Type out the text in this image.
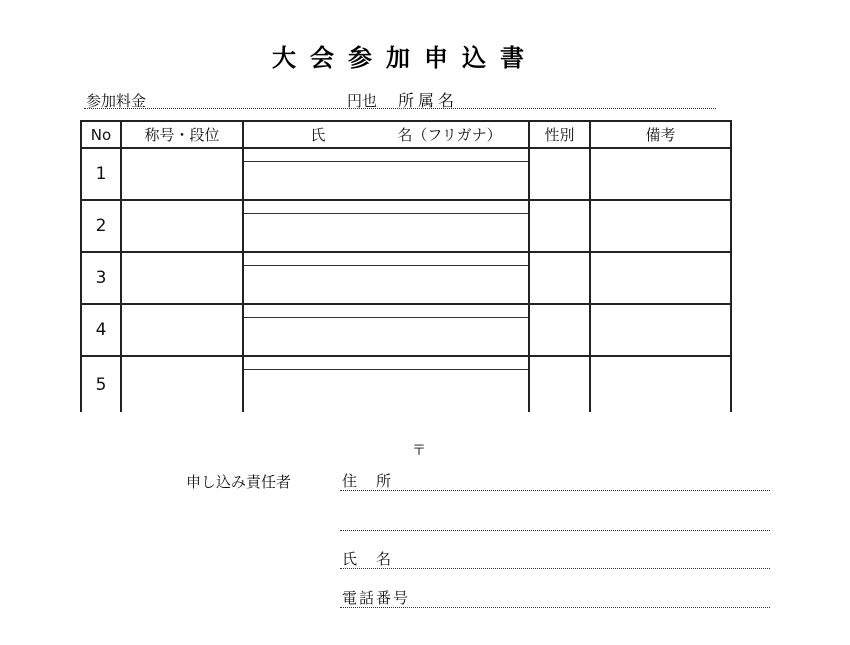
大会参加申込書
参加料金	円也 所属名
No	称号・段位	氏 名（フリガナ）	性別	備考
1		

2		

3		

4		

5		

〒
申し込み責任者	住　所
氏　名
電話番号
